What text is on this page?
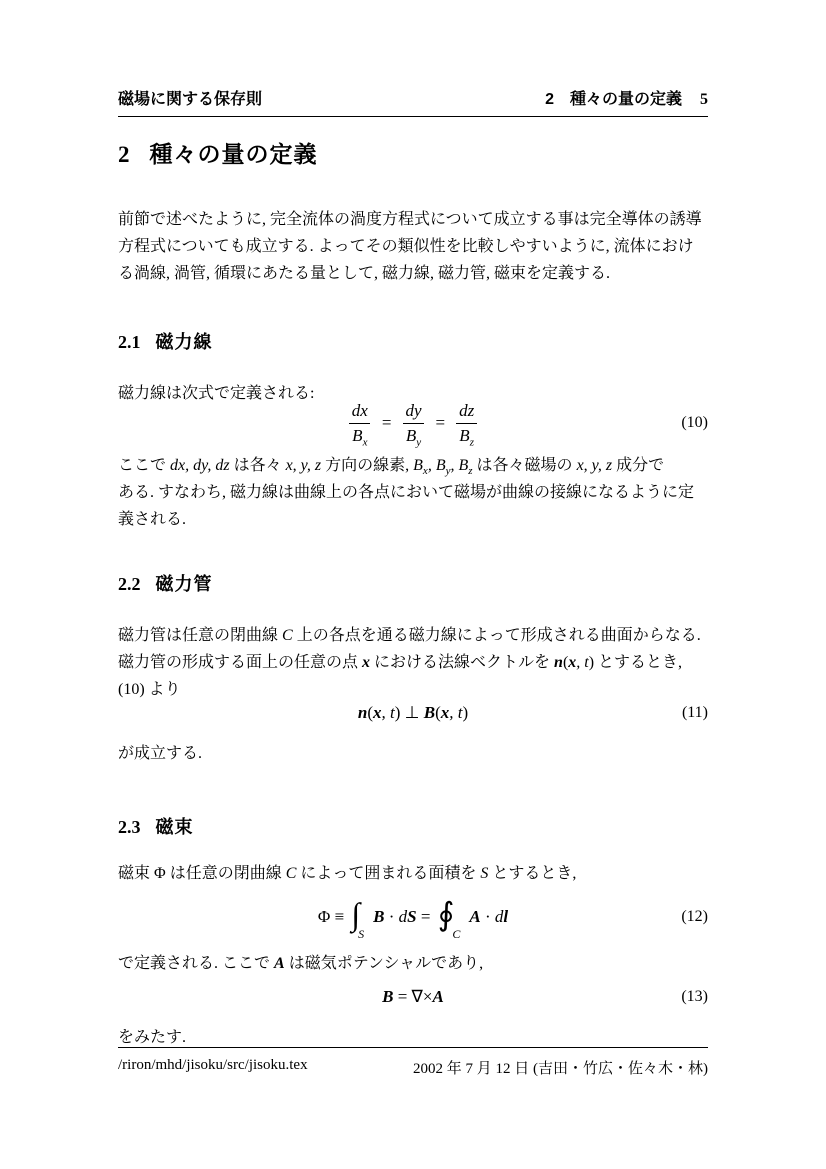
磁場に関する保存則	2　種々の量の定義 5
2 種々の量の定義
前節で述べたように, 完全流体の渦度方程式について成立する事は完全導体の誘導
方程式についても成立する. よってその類似性を比較しやすいように, 流体におけ
る渦線, 渦管, 循環にあたる量として, 磁力線, 磁力管, 磁束を定義する.
2.1 磁力線
磁力線は次式で定義される:
$\frac{dx}{B_x} = \frac{dy}{B_y} = \frac{dz}{B_z}$	(10)
ここで dx, dy, dz は各々 x, y, z 方向の線素, $B_x$, $B_y$, $B_z$ は各々磁場の x, y, z 成分で
ある. すなわち, 磁力線は曲線上の各点において磁場が曲線の接線になるように定
義される.
2.2 磁力管
磁力管は任意の閉曲線 C 上の各点を通る磁力線によって形成される曲面からなる.
磁力管の形成する面上の任意の点 x における法線ベクトルを n(x, t) とするとき,
(10) より
n(x, t) ⊥ B(x, t)	(11)
が成立する.
2.3 磁束
磁束 Φ は任意の閉曲線 C によって囲まれる面積を S とするとき,
$\Phi \equiv \int_SB$ · dS = $∮_CA$ · dl	(12)
で定義される. ここで A は磁気ポテンシャルであり,
B = ∇×A	(13)
をみたす.
/riron/mhd/jisoku/src/jisoku.tex	2002 年 7 月 12 日 (吉田・竹広・佐々木・林)
